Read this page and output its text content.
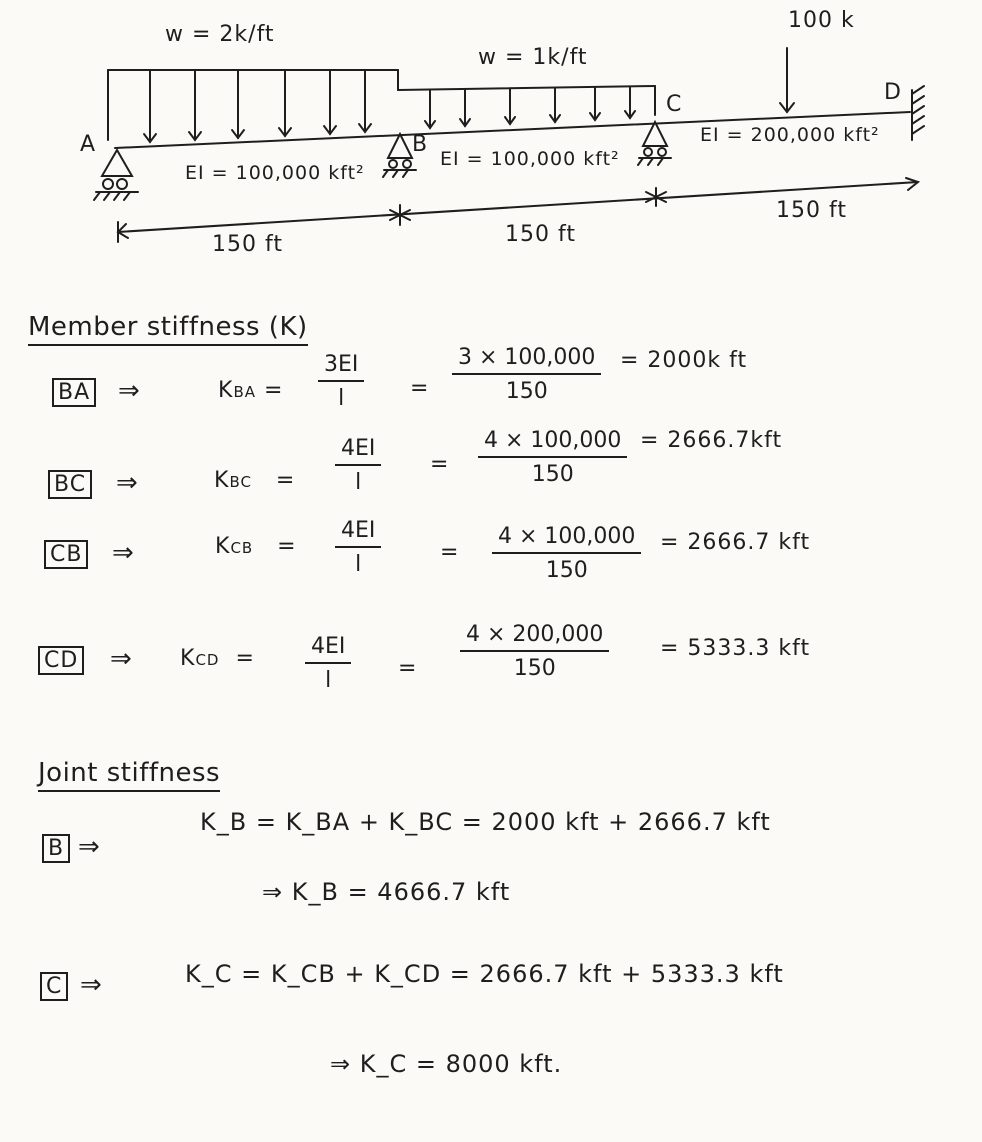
w = 2k/ft
w = 1k/ft
100 k
A	B
C	D
EI = 100,000 kft²
EI = 100,000 kft²
EI = 200,000 kft²
150 ft	150 ft
150 ft
Member stiffness (K)
BA ⇒	KBA = $\frac{3EI}{l} = \frac{3 \times 100,000}{150} = 2000k$ ft
BC ⇒	KBC   = $\frac{4EI}{l} = \frac{4 \times 100,000}{150} = 2666.7kft$
CB ⇒	KCB   = $\frac{4EI}{l}$	= $\frac{4 \times 100,000}{150} = 2666.7$ kft
CD ⇒ KCD  = $\frac{4EI}{l} = \frac{4 \times 200,000}{150} = 5333.3$ kft
Joint stiffness
B ⇒
K_B = K_BA + K_BC = 2000 kft + 2666.7 kft
⇒ K_B = 4666.7 kft
C ⇒	K_C = K_CB + K_CD = 2666.7 kft + 5333.3 kft
⇒ K_C = 8000 kft.
